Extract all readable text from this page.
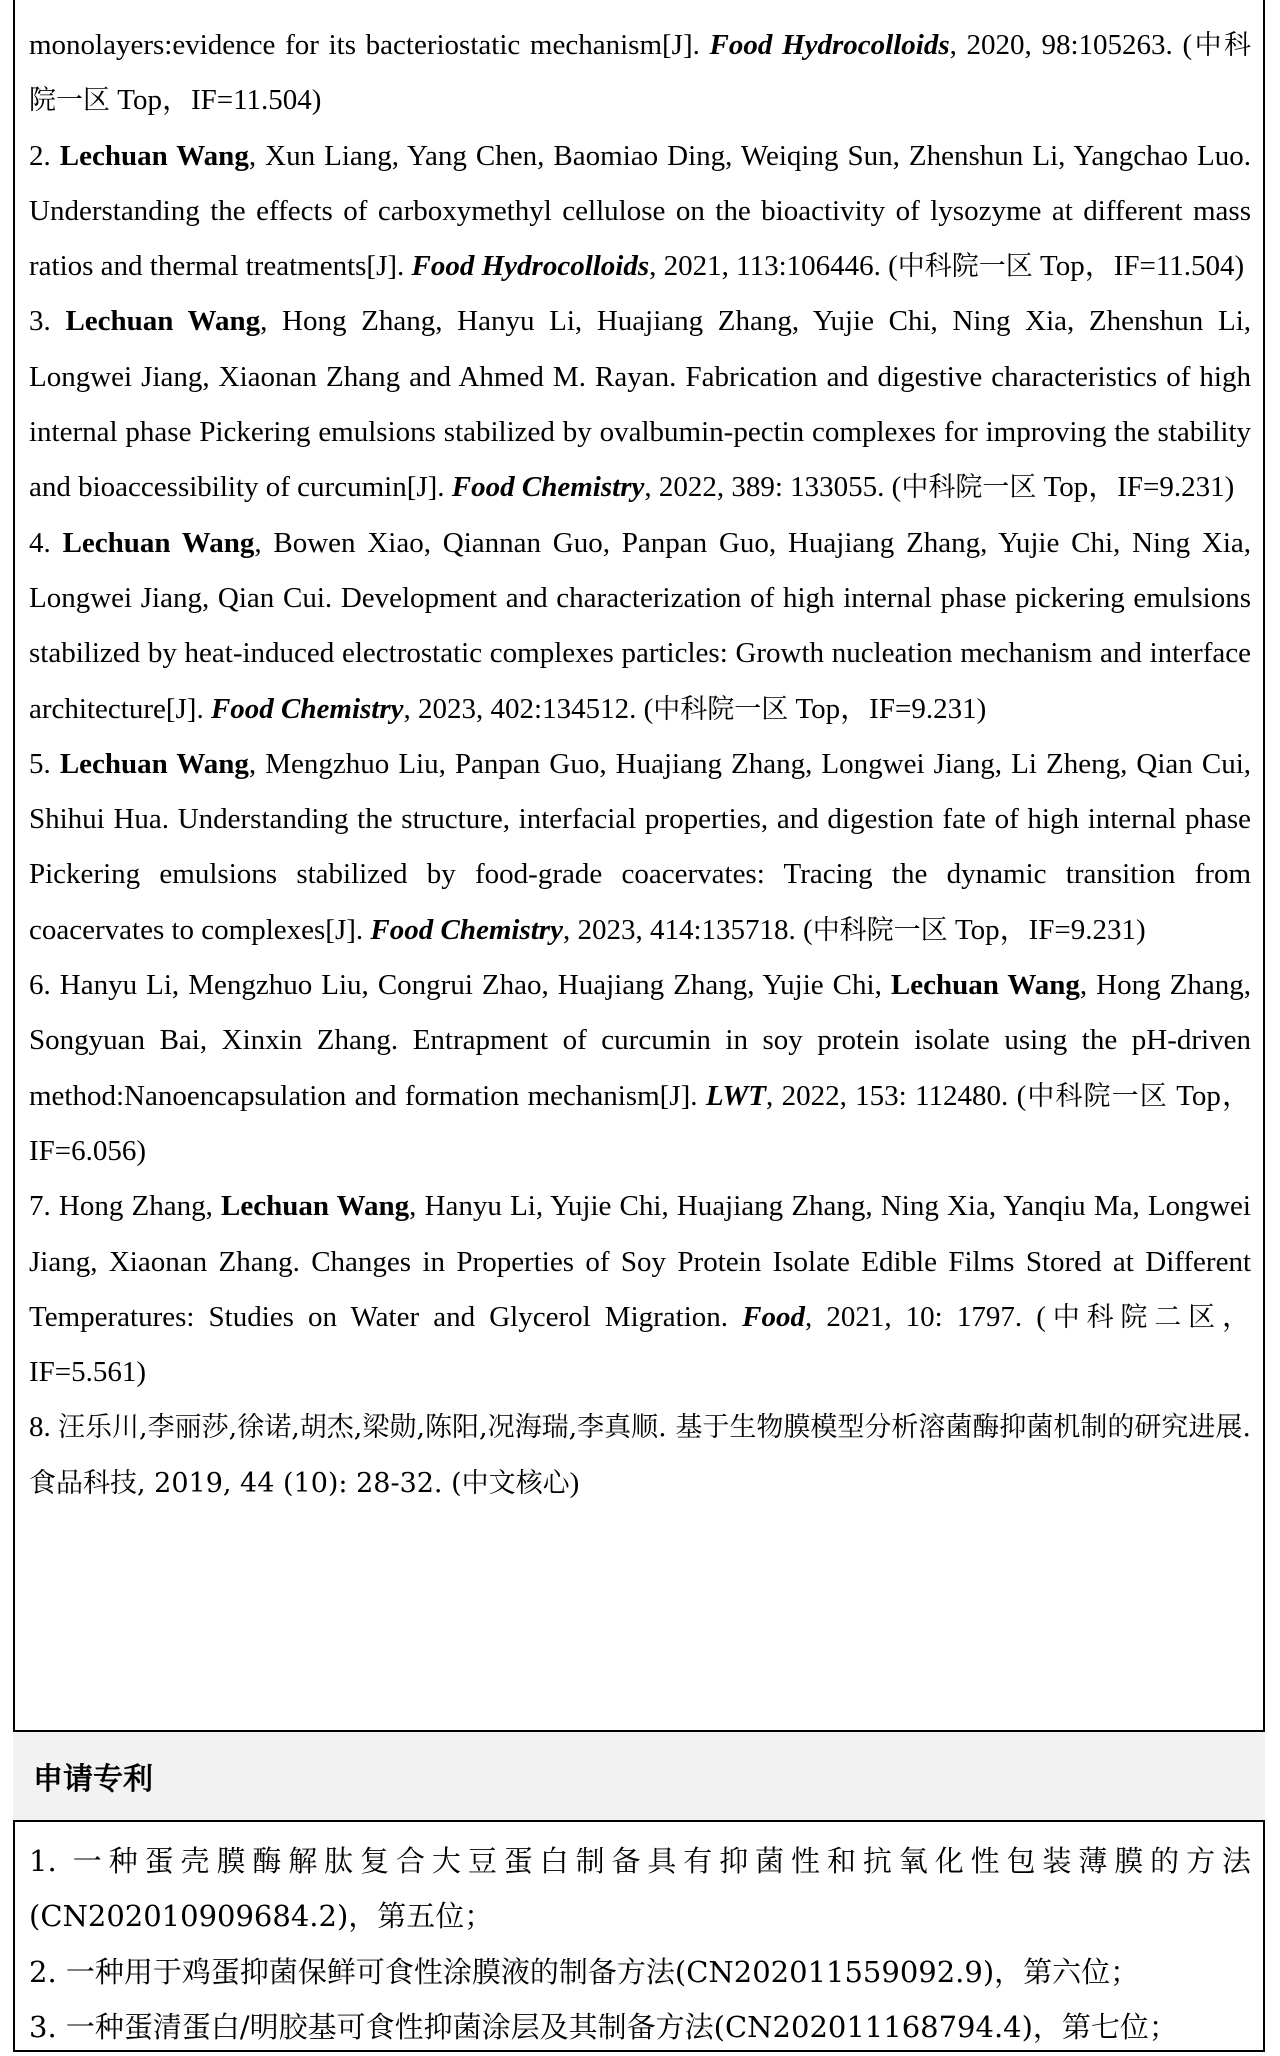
monolayers:evidence for its bacteriostatic mechanism[J]. Food Hydrocolloids, 2020, 98:105263. (中科院一区 Top，IF=11.504)

2. Lechuan Wang, Xun Liang, Yang Chen, Baomiao Ding, Weiqing Sun, Zhenshun Li, Yangchao Luo. Understanding the effects of carboxymethyl cellulose on the bioactivity of lysozyme at different mass ratios and thermal treatments[J]. Food Hydrocolloids, 2021, 113:106446. (中科院一区 Top，IF=11.504)

3. Lechuan Wang, Hong Zhang, Hanyu Li, Huajiang Zhang, Yujie Chi, Ning Xia, Zhenshun Li, Longwei Jiang, Xiaonan Zhang and Ahmed M. Rayan. Fabrication and digestive characteristics of high internal phase Pickering emulsions stabilized by ovalbumin-pectin complexes for improving the stability and bioaccessibility of curcumin[J]. Food Chemistry, 2022, 389: 133055. (中科院一区 Top，IF=9.231)

4. Lechuan Wang, Bowen Xiao, Qiannan Guo, Panpan Guo, Huajiang Zhang, Yujie Chi, Ning Xia, Longwei Jiang, Qian Cui. Development and characterization of high internal phase pickering emulsions stabilized by heat-induced electrostatic complexes particles: Growth nucleation mechanism and interface architecture[J]. Food Chemistry, 2023, 402:134512. (中科院一区 Top，IF=9.231)

5. Lechuan Wang, Mengzhuo Liu, Panpan Guo, Huajiang Zhang, Longwei Jiang, Li Zheng, Qian Cui, Shihui Hua. Understanding the structure, interfacial properties, and digestion fate of high internal phase Pickering emulsions stabilized by food-grade coacervates: Tracing the dynamic transition from coacervates to complexes[J]. Food Chemistry, 2023, 414:135718. (中科院一区 Top，IF=9.231)

6. Hanyu Li, Mengzhuo Liu, Congrui Zhao, Huajiang Zhang, Yujie Chi, Lechuan Wang, Hong Zhang, Songyuan Bai, Xinxin Zhang. Entrapment of curcumin in soy protein isolate using the pH-driven method:Nanoencapsulation and formation mechanism[J]. LWT, 2022, 153: 112480. (中科院一区 Top，IF=6.056)

7. Hong Zhang, Lechuan Wang, Hanyu Li, Yujie Chi, Huajiang Zhang, Ning Xia, Yanqiu Ma, Longwei Jiang, Xiaonan Zhang. Changes in Properties of Soy Protein Isolate Edible Films Stored at Different Temperatures: Studies on Water and Glycerol Migration. Food, 2021, 10: 1797. (中科院二区，IF=5.561)

8. 汪乐川,李丽莎,徐诺,胡杰,梁勋,陈阳,况海瑞,李真顺. 基于生物膜模型分析溶菌酶抑菌机制的研究进展. 食品科技, 2019, 44 (10): 28-32. (中文核心)

申请专利

1. 一种蛋壳膜酶解肽复合大豆蛋白制备具有抑菌性和抗氧化性包装薄膜的方法(CN202010909684.2)，第五位；

2. 一种用于鸡蛋抑菌保鲜可食性涂膜液的制备方法(CN202011559092.9)，第六位；

3. 一种蛋清蛋白/明胶基可食性抑菌涂层及其制备方法(CN202011168794.4)，第七位；
